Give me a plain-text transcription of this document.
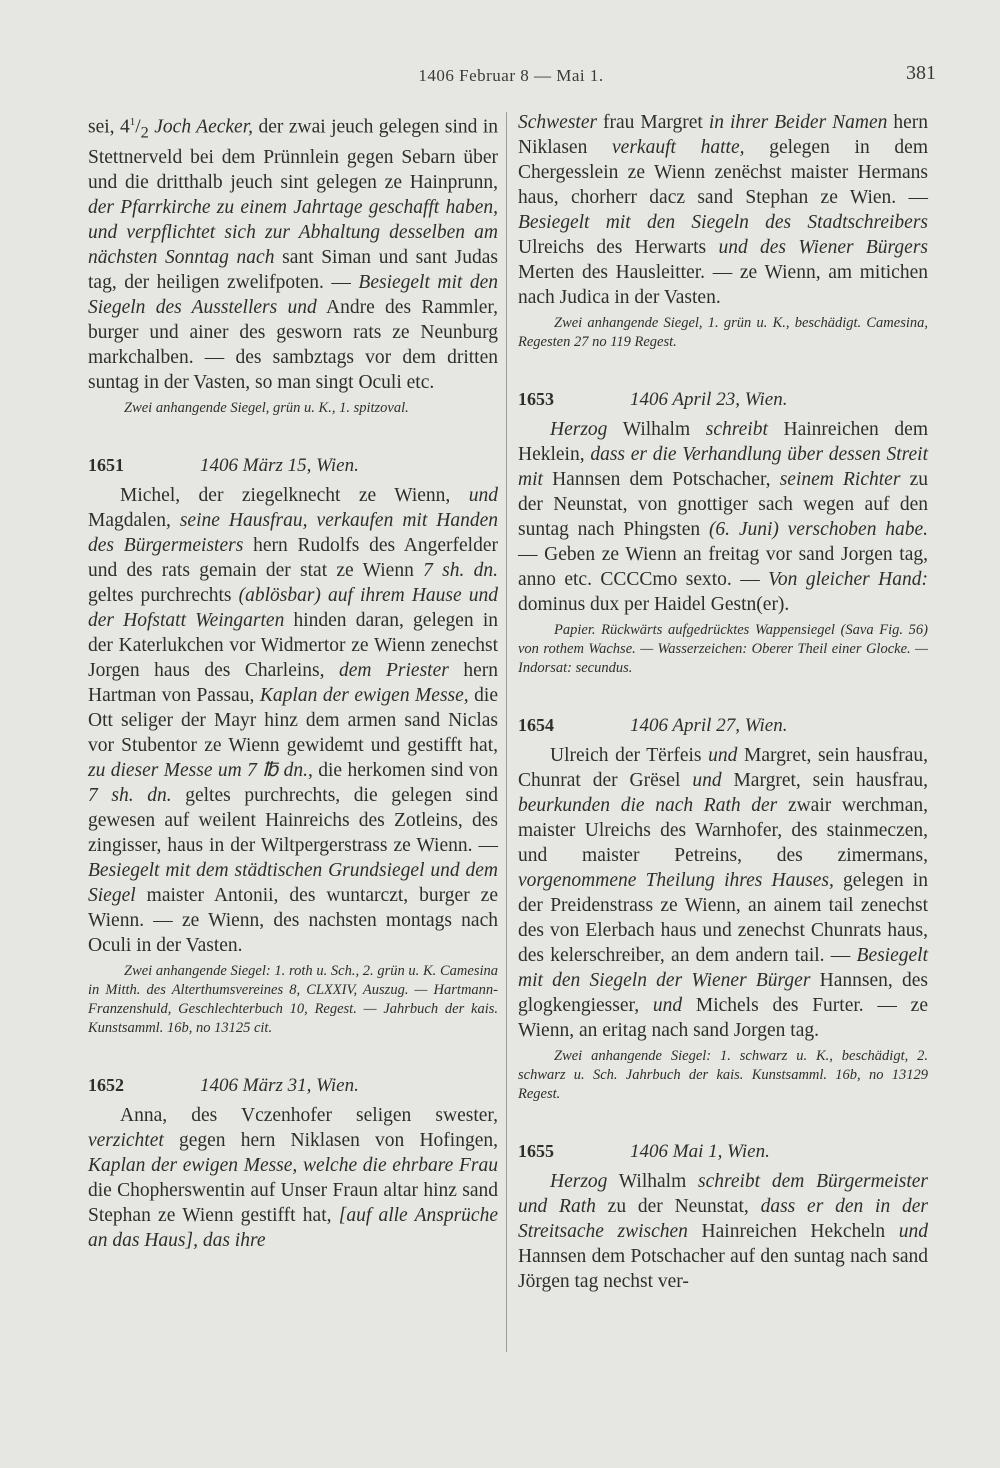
1406 Februar 8 — Mai 1.	381

sei, $4^1/_2$ Joch Aecker, der zwai jeuch gelegen sind in Stettnerveld bei dem Prünnlein gegen Sebarn über und die dritthalb jeuch sint gelegen ze Hainprunn, der Pfarrkirche zu einem Jahrtage geschafft haben, und verpflichtet sich zur Abhaltung desselben am nächsten Sonntag nach sant Siman und sant Judas tag, der heiligen zwelifpoten. — Besiegelt mit den Siegeln des Ausstellers und Andre des Rammler, burger und ainer des gesworn rats ze Neunburg markchalben. — des sambztags vor dem dritten suntag in der Vasten, so man singt Oculi etc.

Zwei anhangende Siegel, grün u. K., 1. spitzoval.

1651	1406 März 15, Wien.

Michel, der ziegelknecht ze Wienn, und Magdalen, seine Hausfrau, verkaufen mit Handen des Bürgermeisters hern Rudolfs des Angerfelder und des rats gemain der stat ze Wienn 7 sh. dn. geltes purchrechts (ablösbar) auf ihrem Hause und der Hofstatt Weingarten hinden daran, gelegen in der Katerlukchen vor Widmertor ze Wienn zenechst Jorgen haus des Charleins, dem Priester hern Hartman von Passau, Kaplan der ewigen Messe, die Ott seliger der Mayr hinz dem armen sand Niclas vor Stubentor ze Wienn gewidemt und gestifft hat, zu dieser Messe um 7 ℔ dn., die herkomen sind von 7 sh. dn. geltes purchrechts, die gelegen sind gewesen auf weilent Hainreichs des Zotleins, des zingisser, haus in der Wiltpergerstrass ze Wienn. — Besiegelt mit dem städtischen Grundsiegel und dem Siegel maister Antonii, des wuntarczt, burger ze Wienn. — ze Wienn, des nachsten montags nach Oculi in der Vasten.

Zwei anhangende Siegel: 1. roth u. Sch., 2. grün u. K. Camesina in Mitth. des Alterthumsvereines 8, CLXXIV, Auszug. — Hartmann-Franzenshuld, Geschlechterbuch 10, Regest. — Jahrbuch der kais. Kunstsamml. 16b, no 13125 cit.

1652	1406 März 31, Wien.

Anna, des Vczenhofer seligen swester, verzichtet gegen hern Niklasen von Hofingen, Kaplan der ewigen Messe, welche die ehrbare Frau die Chopherswentin auf Unser Fraun altar hinz sand Stephan ze Wienn gestifft hat, [auf alle Ansprüche an das Haus], das ihre

Schwester frau Margret in ihrer Beider Namen hern Niklasen verkauft hatte, gelegen in dem Chergesslein ze Wienn zenëchst maister Hermans haus, chorherr dacz sand Stephan ze Wien. — Besiegelt mit den Siegeln des Stadtschreibers Ulreichs des Herwarts und des Wiener Bürgers Merten des Hausleitter. — ze Wienn, am mitichen nach Judica in der Vasten.

Zwei anhangende Siegel, 1. grün u. K., beschädigt. Camesina, Regesten 27 no 119 Regest.

1653	1406 April 23, Wien.

Herzog Wilhalm schreibt Hainreichen dem Heklein, dass er die Verhandlung über dessen Streit mit Hannsen dem Potschacher, seinem Richter zu der Neunstat, von gnottiger sach wegen auf den suntag nach Phingsten (6. Juni) verschoben habe. — Geben ze Wienn an freitag vor sand Jorgen tag, anno etc. CCCCmo sexto. — Von gleicher Hand: dominus dux per Haidel Gestn(er).

Papier. Rückwärts aufgedrücktes Wappensiegel (Sava Fig. 56) von rothem Wachse. — Wasserzeichen: Oberer Theil einer Glocke. — Indorsat: secundus.

1654	1406 April 27, Wien.

Ulreich der Tërfeis und Margret, sein hausfrau, Chunrat der Grësel und Margret, sein hausfrau, beurkunden die nach Rath der zwair werchman, maister Ulreichs des Warnhofer, des stainmeczen, und maister Petreins, des zimermans, vorgenommene Theilung ihres Hauses, gelegen in der Preidenstrass ze Wienn, an ainem tail zenechst des von Elerbach haus und zenechst Chunrats haus, des kelerschreiber, an dem andern tail. — Besiegelt mit den Siegeln der Wiener Bürger Hannsen, des glogkengiesser, und Michels des Furter. — ze Wienn, an eritag nach sand Jorgen tag.

Zwei anhangende Siegel: 1. schwarz u. K., beschädigt, 2. schwarz u. Sch. Jahrbuch der kais. Kunstsamml. 16b, no 13129 Regest.

1655	1406 Mai 1, Wien.

Herzog Wilhalm schreibt dem Bürgermeister und Rath zu der Neunstat, dass er den in der Streitsache zwischen Hainreichen Hekcheln und Hannsen dem Potschacher auf den suntag nach sand Jörgen tag nechst ver-
